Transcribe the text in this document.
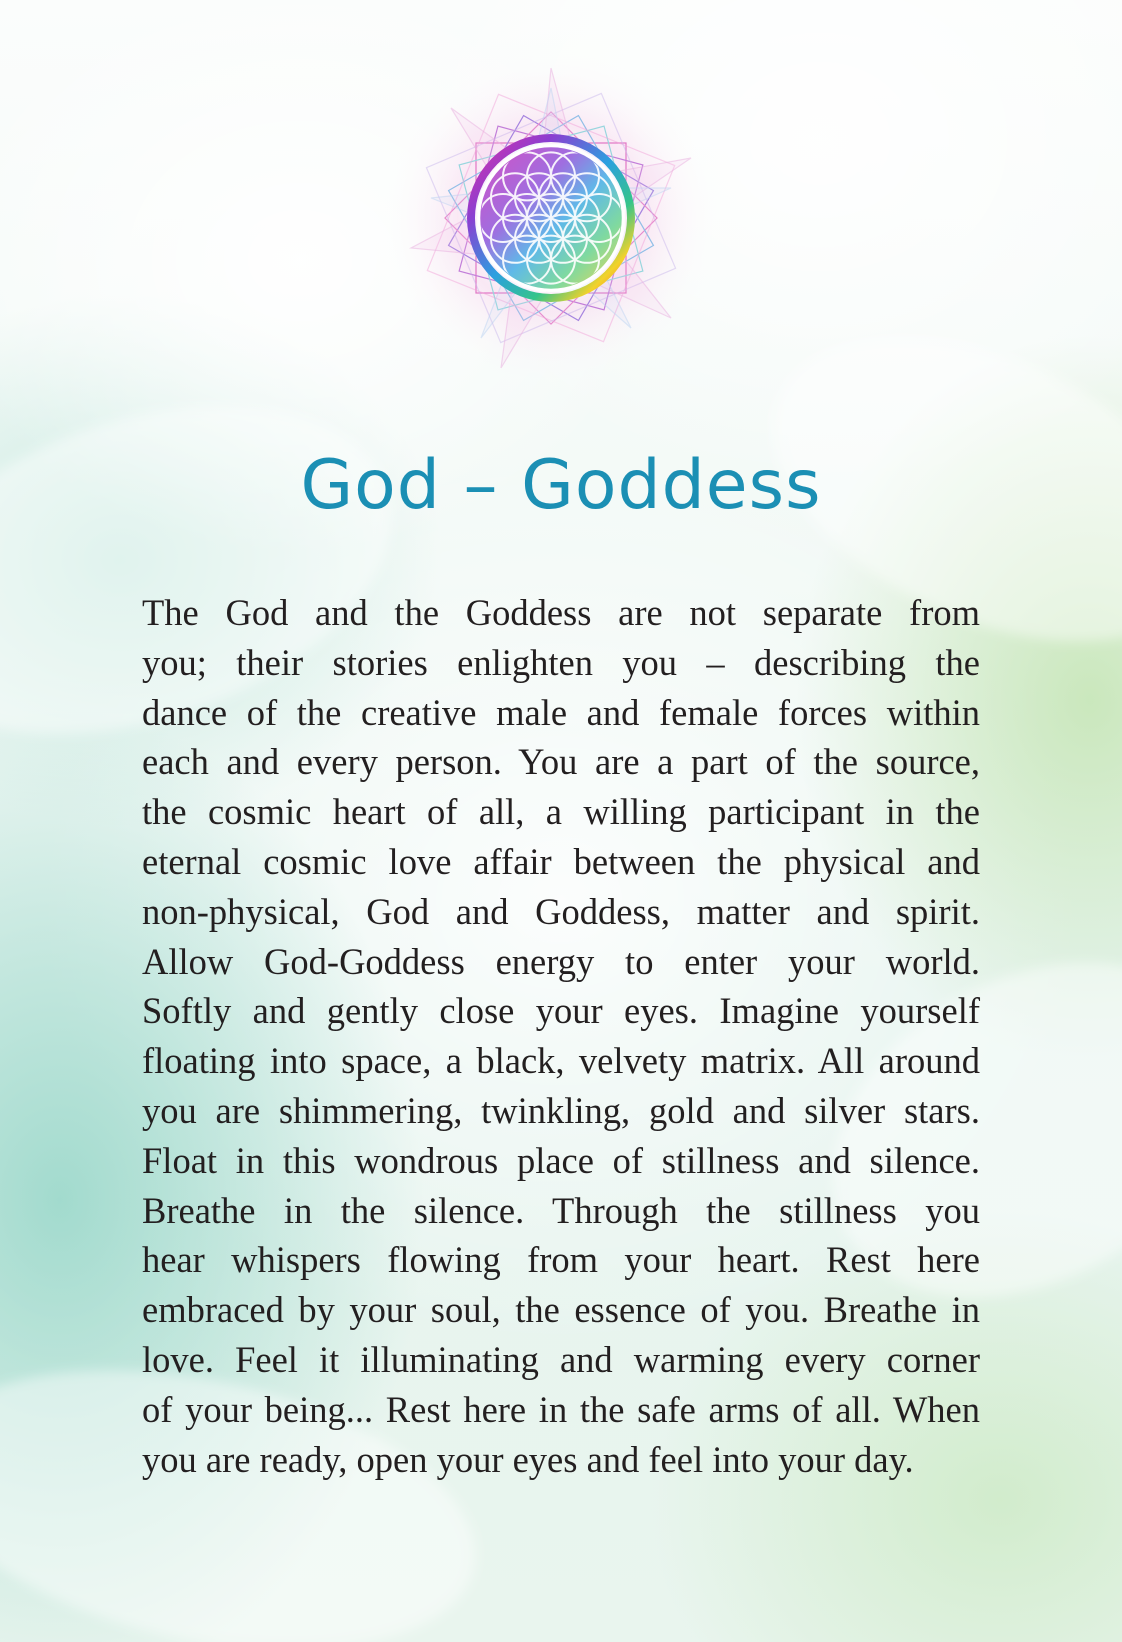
God – Goddess

The God and the Goddess are not separate from
you; their stories enlighten you – describing the
dance of the creative male and female forces within
each and every person. You are a part of the source,
the cosmic heart of all, a willing participant in the
eternal cosmic love affair between the physical and
non-physical, God and Goddess, matter and spirit.
Allow God-Goddess energy to enter your world.
Softly and gently close your eyes. Imagine yourself
floating into space, a black, velvety matrix. All around
you are shimmering, twinkling, gold and silver stars.
Float in this wondrous place of stillness and silence.
Breathe in the silence. Through the stillness you
hear whispers flowing from your heart. Rest here
embraced by your soul, the essence of you. Breathe in
love. Feel it illuminating and warming every corner
of your being... Rest here in the safe arms of all. When
you are ready, open your eyes and feel into your day.
